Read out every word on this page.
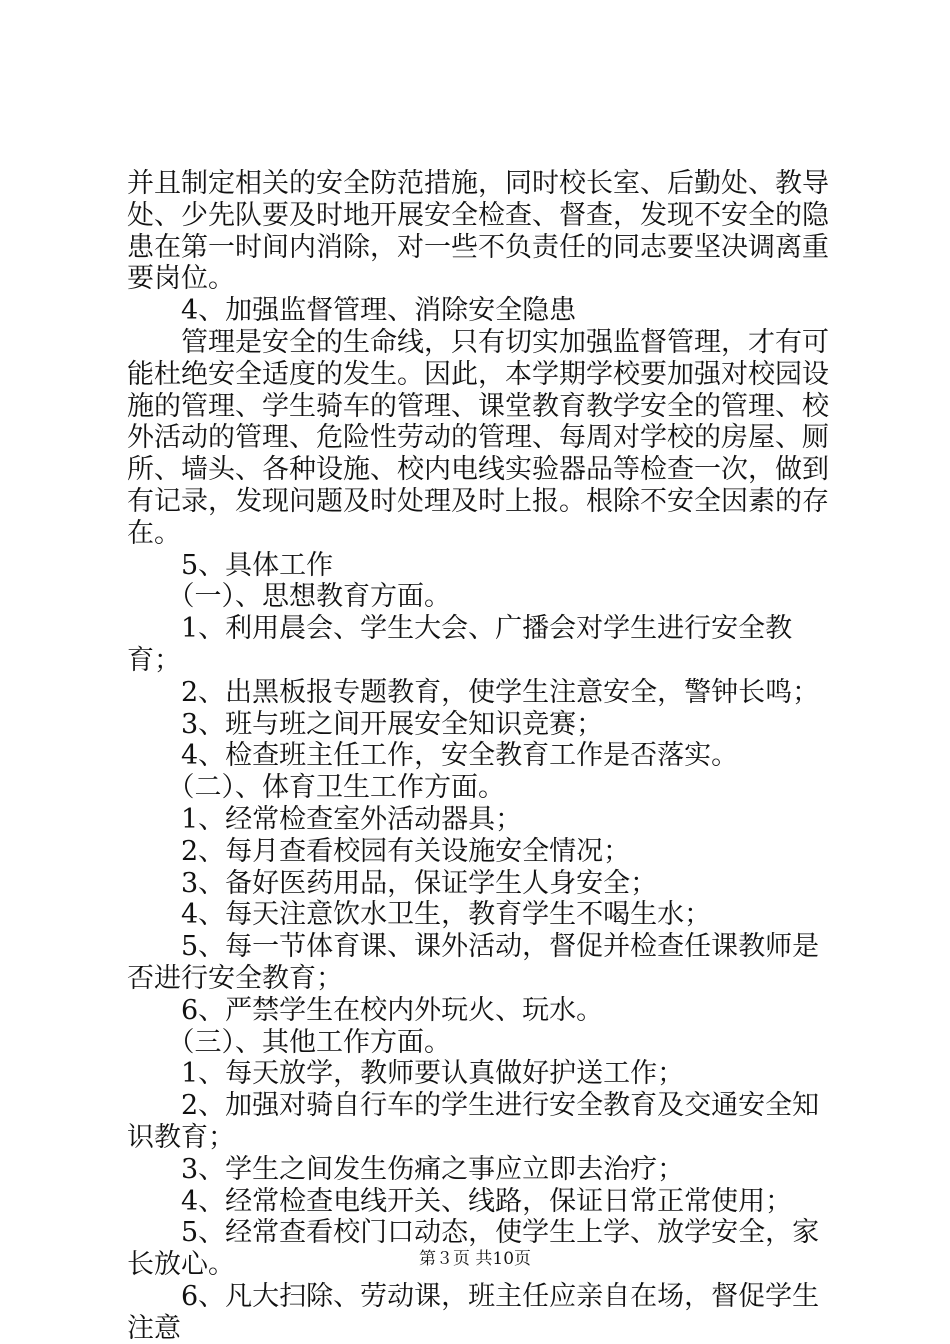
并且制定相关的安全防范措施，同时校长室、后勤处、教导处、少先队要及时地开展安全检查、督查，发现不安全的隐患在第一时间内消除，对一些不负责任的同志要坚决调离重要岗位。

　　4、加强监督管理、消除安全隐患

　　管理是安全的生命线，只有切实加强监督管理，才有可能杜绝安全适度的发生。因此，本学期学校要加强对校园设施的管理、学生骑车的管理、课堂教育教学安全的管理、校外活动的管理、危险性劳动的管理、每周对学校的房屋、厕所、墙头、各种设施、校内电线实验器品等检查一次，做到有记录，发现问题及时处理及时上报。根除不安全因素的存在。

　　5、具体工作

　　（一）、思想教育方面。

　　1、利用晨会、学生大会、广播会对学生进行安全教育；

　　2、出黑板报专题教育，使学生注意安全，警钟长鸣；

　　3、班与班之间开展安全知识竞赛；

　　4、检查班主任工作，安全教育工作是否落实。

　　（二）、体育卫生工作方面。

　　1、经常检查室外活动器具；

　　2、每月查看校园有关设施安全情况；

　　3、备好医药用品，保证学生人身安全；

　　4、每天注意饮水卫生，教育学生不喝生水；

　　5、每一节体育课、课外活动，督促并检查任课教师是否进行安全教育；

　　6、严禁学生在校内外玩火、玩水。

　　（三）、其他工作方面。

　　1、每天放学，教师要认真做好护送工作；

　　2、加强对骑自行车的学生进行安全教育及交通安全知识教育；

　　3、学生之间发生伤痛之事应立即去治疗；

　　4、经常检查电线开关、线路，保证日常正常使用；

　　5、经常查看校门口动态，使学生上学、放学安全，家长放心。

　　6、凡大扫除、劳动课，班主任应亲自在场，督促学生注意

第３页 共10页
